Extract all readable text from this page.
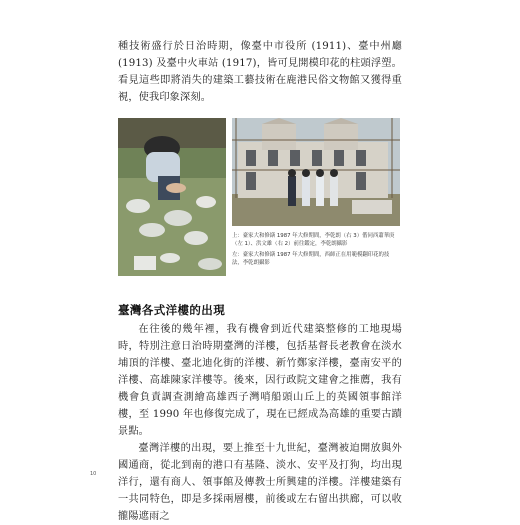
種技術盛行於日治時期，像臺中市役所 (1911)、臺中州廳 (1913) 及臺中火車站 (1917)，皆可見開模印花的柱頭浮塑。看見這些即將消失的建築工藝技術在鹿港民俗文物館又獲得重視，使我印象深刻。

上：臺家大和修繕 1987 年大修期間，李乾朗（右 3）偕同西蕭華庚（左 1）、洪文雄（右 2）前往鑑定，李乾朗攝影

左：臺家大和修繕 1987 年大修期間，西師正在用範模翻印花的技法，李乾朗攝影

臺灣各式洋樓的出現

在往後的幾年裡，我有機會到近代建築整修的工地現場時，特別注意日治時期臺灣的洋樓，包括基督長老教會在淡水埔頂的洋樓、臺北迪化街的洋樓、新竹鄭家洋樓，臺南安平的洋樓、高雄陳家洋樓等。後來，因行政院文建會之推薦，我有機會負責調查測繪高雄西子灣哨船頭山丘上的英國領事館洋樓，至 1990 年也修復完成了，現在已經成為高雄的重要古蹟景點。

臺灣洋樓的出現，要上推至十九世紀，臺灣被迫開放與外國通商，從北到南的港口有基隆、淡水、安平及打狗，均出現洋行，還有商人、領事館及傳教士所興建的洋樓。洋樓建築有一共同特色，即是多採兩層樓，前後或左右留出拱廊，可以收攏陽遮雨之

10
